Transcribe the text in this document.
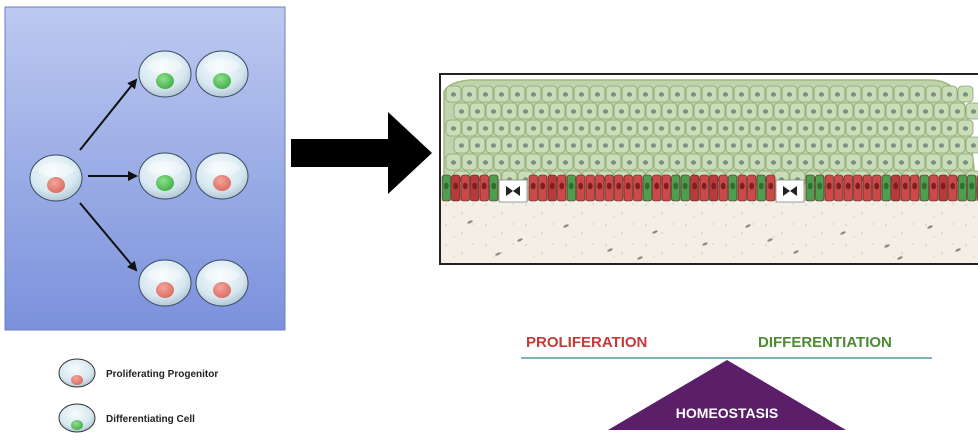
Proliferating Progenitor
Differentiating Cell
PROLIFERATION	DIFFERENTIATION
HOMEOSTASIS
